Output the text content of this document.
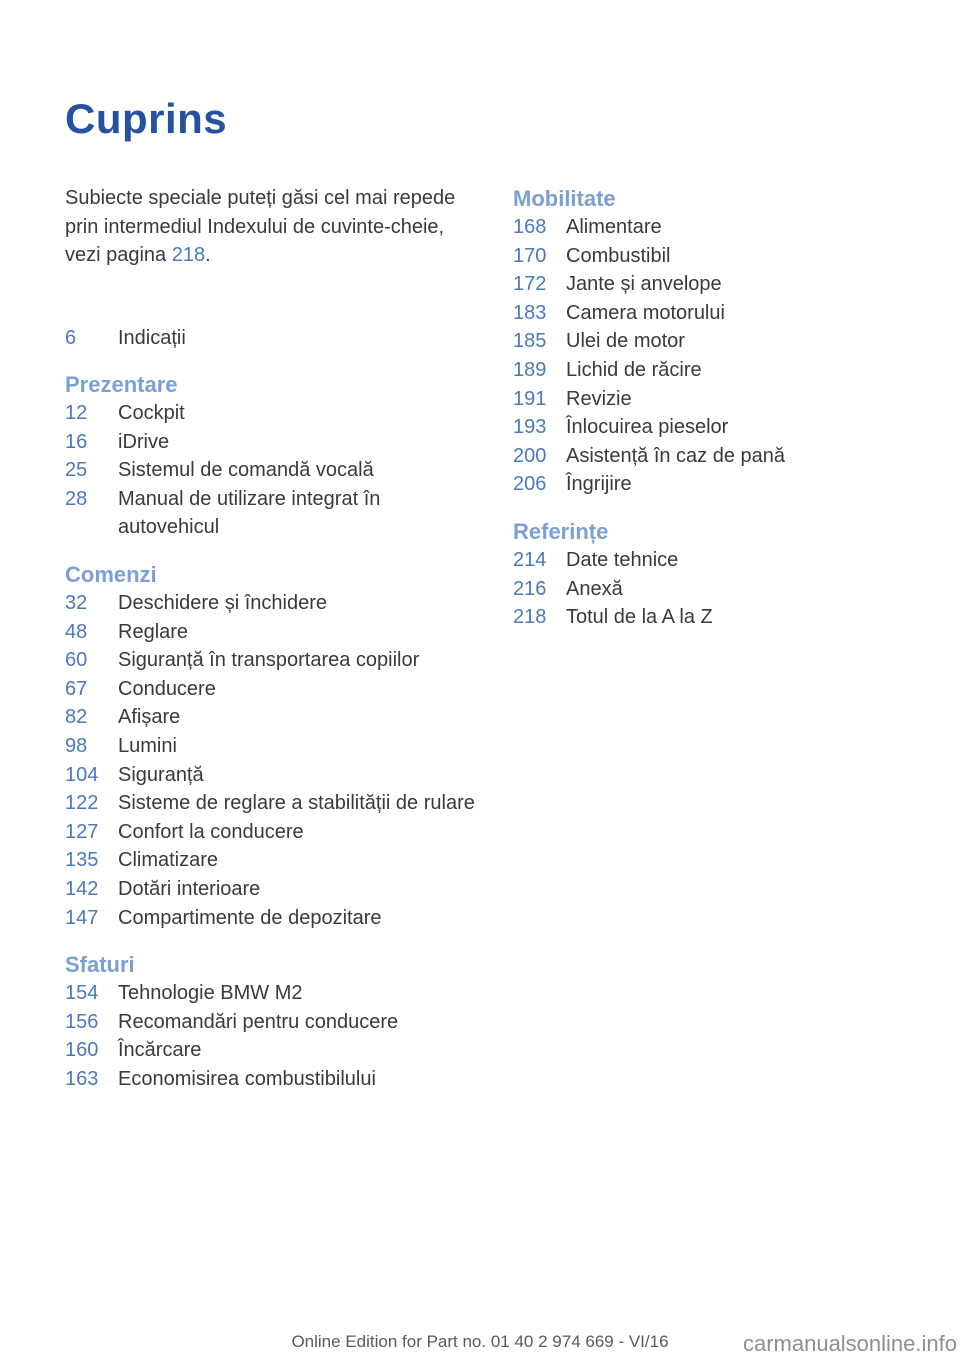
Cuprins

Subiecte speciale puteți găsi cel mai repede prin intermediul Indexului de cuvinte-cheie, vezi pagina 218.

6	Indicații
Prezentare
12	Cockpit
16	iDrive
25	Sistemul de comandă vocală
28	Manual de utilizare integrat în autovehicul
Comenzi
32	Deschidere și închidere
48	Reglare
60	Siguranță în transportarea copiilor
67	Conducere
82	Afișare
98	Lumini
104 Siguranță
122 Sisteme de reglare a stabilității de rulare
127 Confort la conducere
135 Climatizare
142 Dotări interioare
147 Compartimente de depozitare
Sfaturi
154 Tehnologie BMW M2
156 Recomandări pentru conducere
160 Încărcare
163 Economisirea combustibilului
Mobilitate
168 Alimentare
170 Combustibil
172 Jante și anvelope
183 Camera motorului
185 Ulei de motor
189 Lichid de răcire
191 Revizie
193 Înlocuirea pieselor
200 Asistență în caz de pană
206 Îngrijire
Referințe
214 Date tehnice
216 Anexă
218 Totul de la A la Z
Online Edition for Part no. 01 40 2 974 669 - VI/16	carmanualsonline.info
